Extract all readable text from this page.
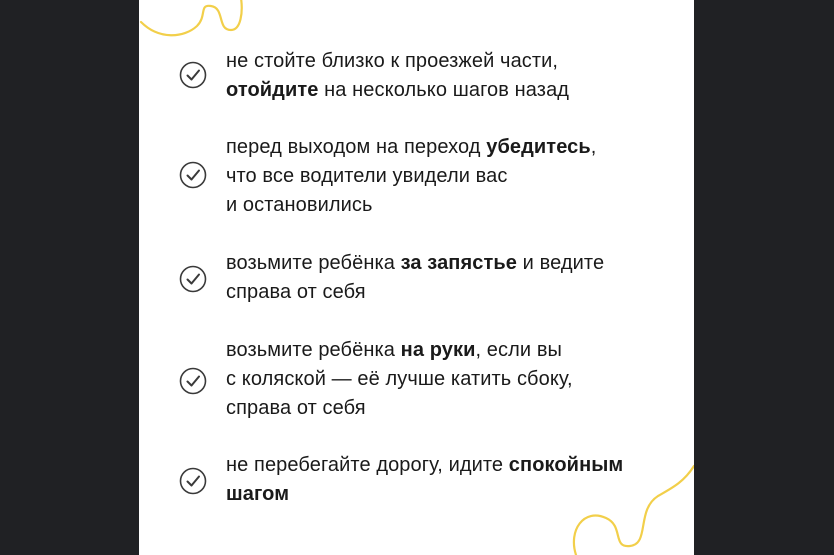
не стойте близко к проезжей части,
отойдите на несколько шагов назад
перед выходом на переход убедитесь,
что все водители увидели вас
и остановились
возьмите ребёнка за запястье и ведите
справа от себя
возьмите ребёнка на руки, если вы
с коляской — её лучше катить сбоку,
справа от себя
не перебегайте дорогу, идите спокойным
шагом
